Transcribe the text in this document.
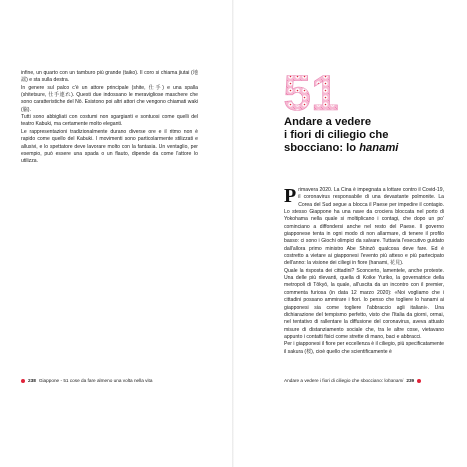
infine, un quarto con un tamburo più grande (taiko). Il coro si chiama jiutai (地謡) e sta sulla destra.

In genere sul palco c'è un attore principale (shite, 仕手) e una spalla (shitetsure, 仕手連れ). Questi due indossano le meravigliose maschere che sono caratteristiche del Nō. Esistono poi altri attori che vengono chiamati waki (脇).

Tutti sono abbigliati con costumi non sgargianti e sontuosi come quelli del teatro Kabuki, ma certamente molto eleganti.

Le rappresentazioni tradizionalmente durano diverse ore e il ritmo non è rapido come quello del Kabuki. I movimenti sono particolarmente stilizzati e allusivi, e lo spettatore deve lavorare molto con la fantasia. Un ventaglio, per esempio, può essere una spada o un flauto, dipende da come l'attore lo utilizza.

238 Giappone - 51 cose da fare almeno una volta nella vita
51
Andare a vedere
i fiori di ciliegio che
sbocciano: lo hanami

Primavera 2020. La Cina è impegnata a lottare contro il Covid-19, il coronavirus responsabile di una devastante polmonite. La Corea del Sud segue a blocca il Paese per impedire il contagio. Lo stesso Giappone ha una nave da crociera bloccata nel porto di Yokohama nella quale si moltiplicano i contagi, che dopo un po' cominciano a diffondersi anche nel resto del Paese. Il governo giapponese tenta in ogni modo di non allarmare, di tenere il profilo basso: ci sono i Giochi olimpici da salvare. Tuttavia l'esecutivo guidato dall'allora primo ministro Abe Shinzō qualcosa deve fare. Ed è costretto a vietare ai giapponesi l'evento più atteso e più partecipato dell'anno: la visione dei ciliegi in fiore (hanami, 花見).

Quale la risposta dei cittadini? Sconcerto, lamentele, anche proteste. Una delle più rilevanti, quella di Koike Yuriko, la governatrice della metropoli di Tōkyō, la quale, all'uscita da un incontro con il premier, commenta furiosa (in data 12 marzo 2020): «Noi vogliamo che i cittadini possano ammirare i fiori. Io penso che togliere lo hanami ai giapponesi sia come togliere l'abbraccio agli italiani». Una dichiarazione del tempismo perfetto, visto che l'Italia da giorni, ormai, nel tentativo di rallentare la diffusione del coronavirus, aveva attuato misure di distanziamento sociale che, tra le altre cose, vietavano appunto i contatti fisici come strette di mano, baci e abbracci.

Per i giapponesi il fiore per eccellenza è il ciliegio, più specificatamente il sakura (桜), cioè quello che scientificamente è

Andare a vedere i fiori di ciliegio che sbocciano: lo hanami 239
